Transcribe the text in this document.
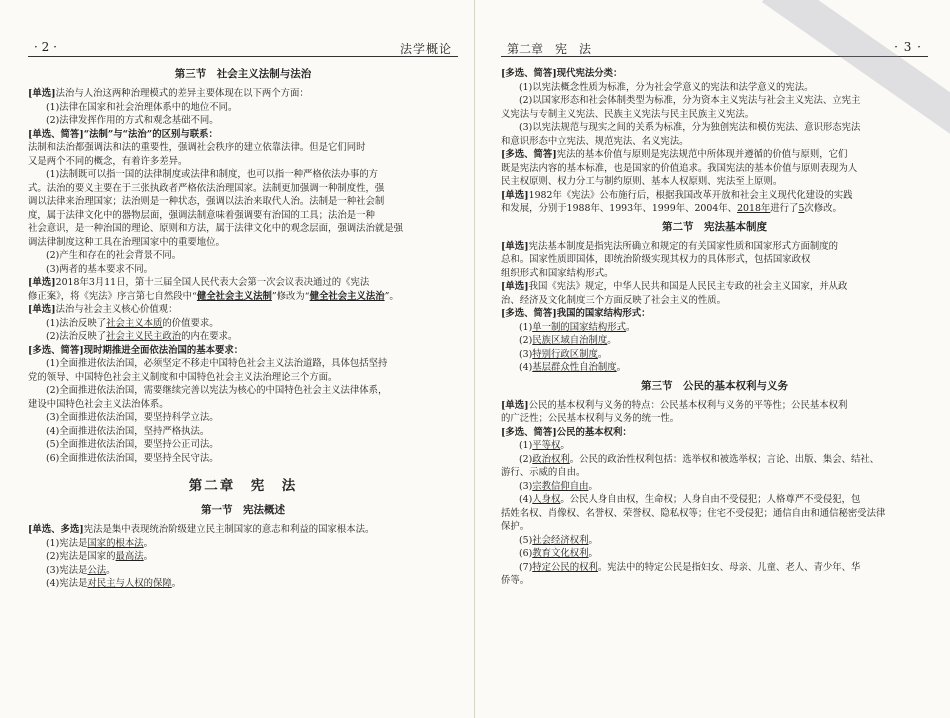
· 2 ·	法学概论
第三节　社会主义法制与法治
[单选]法治与人治这两种治理模式的差异主要体现在以下两个方面：
(1)法律在国家和社会治理体系中的地位不同。
(2)法律发挥作用的方式和观念基础不同。
[单选、简答]“法制”与“法治”的区别与联系：
法制和法治都强调法和法的重要性，强调社会秩序的建立依靠法律。但是它们同时
又是两个不同的概念，有着许多差异。
(1)法制既可以指一国的法律制度或法律和制度，也可以指一种严格依法办事的方
式。法治的要义主要在于三张执政者严格依法治理国家。法制更加强调一种制度性，强
调以法律来治理国家；法治则是一种状态，强调以法治来取代人治。法制是一种社会制
度，属于法律文化中的器物层面，强调法制意味着强调要有治国的工具；法治是一种
社会意识，是一种治国的理论、原则和方法，属于法律文化中的观念层面，强调法治就是强
调法律制度这种工具在治理国家中的重要地位。
(2)产生和存在的社会背景不同。
(3)两者的基本要求不同。
[单选]2018年3月11日，第十三届全国人民代表大会第一次会议表决通过的《宪法
修正案》，将《宪法》序言第七自然段中“健全社会主义法制”修改为“健全社会主义法治”。
[单选]法治与社会主义核心价值观：
(1)法治反映了社会主义本质的价值要求。
(2)法治反映了社会主义民主政治的内在要求。
[多选、简答]现时期推进全面依法治国的基本要求：
(1)全面推进依法治国，必须坚定不移走中国特色社会主义法治道路，具体包括坚持
党的领导、中国特色社会主义制度和中国特色社会主义法治理论三个方面。
(2)全面推进依法治国，需要继续完善以宪法为核心的中国特色社会主义法律体系，
建设中国特色社会主义法治体系。
(3)全面推进依法治国，要坚持科学立法。
(4)全面推进依法治国，坚持严格执法。
(5)全面推进依法治国，要坚持公正司法。
(6)全面推进依法治国，要坚持全民守法。
第二章　宪　法
第一节　宪法概述
[单选、多选]宪法是集中表现统治阶级建立民主制国家的意志和利益的国家根本法。
(1)宪法是国家的根本法。
(2)宪法是国家的最高法。
(3)宪法是公法。
(4)宪法是对民主与人权的保障。
第二章　宪　法	· 3 ·
[多选、简答]现代宪法分类：
(1)以宪法概念性质为标准，分为社会学意义的宪法和法学意义的宪法。
(2)以国家形态和社会体制类型为标准，分为资本主义宪法与社会主义宪法、立宪主
义宪法与专制主义宪法、民族主义宪法与民主民族主义宪法。
(3)以宪法规范与现实之间的关系为标准，分为独创宪法和模仿宪法、意识形态宪法
和意识形态中立宪法、规范宪法、名义宪法。
[多选、简答]宪法的基本价值与原则是宪法规范中所体现并遵循的价值与原则，它们
既是宪法内容的基本标准，也是国家的价值追求。我国宪法的基本价值与原则表现为人
民主权原则、权力分工与制约原则、基本人权原则、宪法至上原则。
[单选]1982年《宪法》公布施行后，根据我国改革开放和社会主义现代化建设的实践
和发展，分别于1988年、1993年、1999年、2004年、2018年进行了5次修改。
第二节　宪法基本制度
[单选]宪法基本制度是指宪法所确立和规定的有关国家性质和国家形式方面制度的
总和。国家性质即国体，即统治阶级实现其权力的具体形式，包括国家政权
组织形式和国家结构形式。
[单选]我国《宪法》规定，中华人民共和国是人民民主专政的社会主义国家，并从政
治、经济及文化制度三个方面反映了社会主义的性质。
[多选、简答]我国的国家结构形式：
(1)单一制的国家结构形式。
(2)民族区域自治制度。
(3)特别行政区制度。
(4)基层群众性自治制度。
第三节　公民的基本权利与义务
[单选]公民的基本权利与义务的特点：公民基本权利与义务的平等性；公民基本权利
的广泛性；公民基本权利与义务的统一性。
[多选、简答]公民的基本权利：
(1)平等权。
(2)政治权利。公民的政治性权利包括：选举权和被选举权；言论、出版、集会、结社、
游行、示威的自由。
(3)宗教信仰自由。
(4)人身权。公民人身自由权，生命权；人身自由不受侵犯；人格尊严不受侵犯，包
括姓名权、肖像权、名誉权、荣誉权、隐私权等；住宅不受侵犯；通信自由和通信秘密受法律
保护。
(5)社会经济权利。
(6)教育文化权利。
(7)特定公民的权利。宪法中的特定公民是指妇女、母亲、儿童、老人、青少年、华
侨等。
